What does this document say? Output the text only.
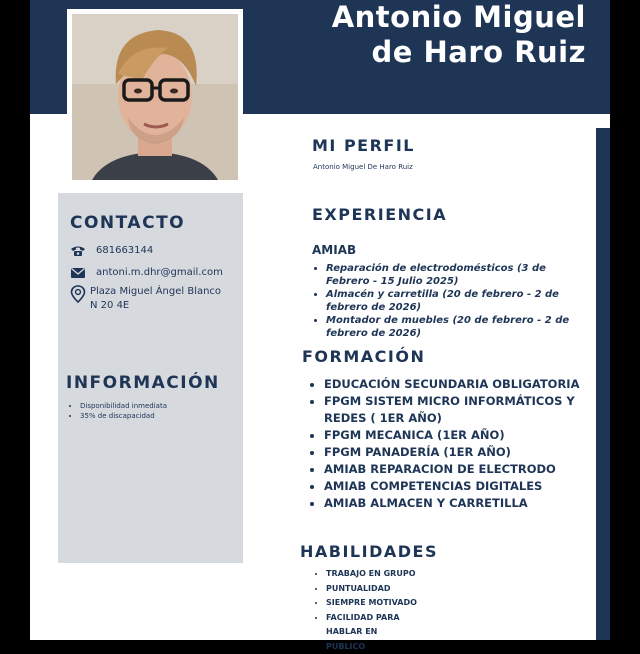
Antonio Miguel
de Haro Ruiz
CONTACTO
681663144
antoni.m.dhr@gmail.com
Plaza Miguel Ángel Blanco N 20 4E
INFORMACIÓN
• Disponibilidad inmediata
• 35% de discapacidad
MI PERFIL
Antonio Miguel De Haro Ruiz
EXPERIENCIA
AMIAB
• Reparación de electrodomésticos (3 de Febrero - 15 Julio 2025)
• Almacén y carretilla (20 de febrero - 2 de febrero de 2026)
• Montador de muebles (20 de febrero - 2 de febrero de 2026)
FORMACIÓN
• EDUCACIÓN SECUNDARIA OBLIGATORIA
• FPGM SISTEM MICRO INFORMÁTICOS Y REDES ( 1ER AÑO)
• FPGM MECANICA (1ER AÑO)
• FPGM PANADERÍA (1ER AÑO)
• AMIAB REPARACION DE ELECTRODO
• AMIAB COMPETENCIAS DIGITALES
• AMIAB ALMACEN Y CARRETILLA
HABILIDADES
• TRABAJO EN GRUPO
• PUNTUALIDAD
• SIEMPRE MOTIVADO
• FACILIDAD PARA HABLAR EN PUBLICO
